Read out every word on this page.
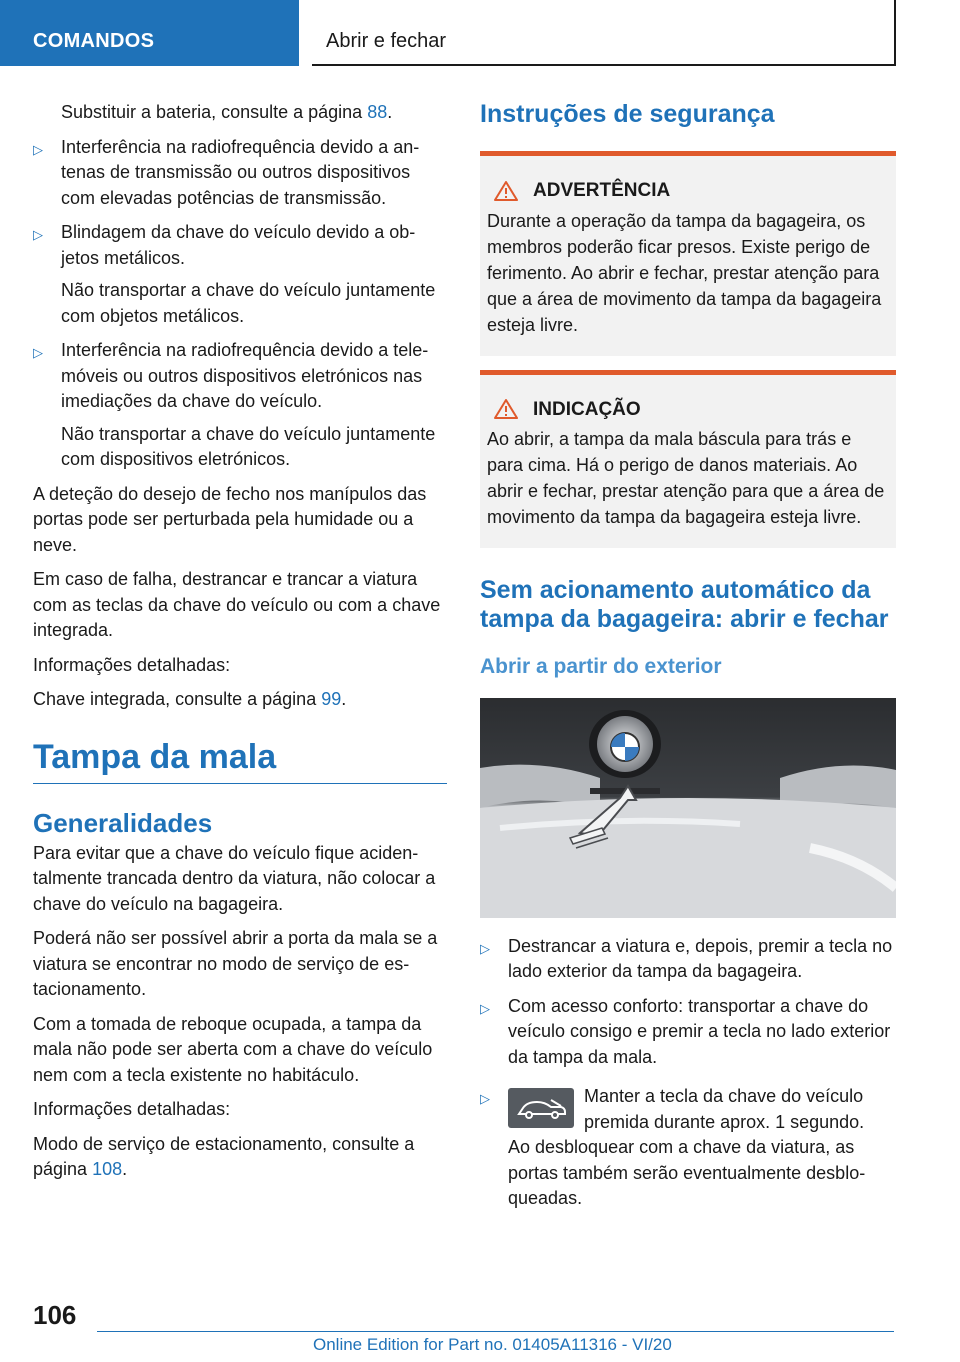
COMANDOS	Abrir e fechar

Substituir a bateria, consulte a página 88.

▷ Interferência na radiofrequência devido a antenas de transmissão ou outros dispositivos com elevadas potências de transmissão.

▷ Blindagem da chave do veículo devido a objetos metálicos.

Não transportar a chave do veículo juntamente com objetos metálicos.

▷ Interferência na radiofrequência devido a telemóveis ou outros dispositivos eletrónicos nas imediações da chave do veículo.

Não transportar a chave do veículo juntamente com dispositivos eletrónicos.

A deteção do desejo de fecho nos manípulos das portas pode ser perturbada pela humidade ou a neve.

Em caso de falha, destrancar e trancar a viatura com as teclas da chave do veículo ou com a chave integrada.

Informações detalhadas:

Chave integrada, consulte a página 99.

Tampa da mala
Generalidades

Para evitar que a chave do veículo fique acidentalmente trancada dentro da viatura, não colocar a chave do veículo na bagageira.

Poderá não ser possível abrir a porta da mala se a viatura se encontrar no modo de serviço de estacionamento.

Com a tomada de reboque ocupada, a tampa da mala não pode ser aberta com a chave do veículo nem com a tecla existente no habitáculo.

Informações detalhadas:

Modo de serviço de estacionamento, consulte a página 108.

Instruções de segurança
ADVERTÊNCIA
Durante a operação da tampa da bagageira, os membros poderão ficar presos. Existe perigo de ferimento. Ao abrir e fechar, prestar atenção para que a área de movimento da tampa da bagageira esteja livre.
INDICAÇÃO
Ao abrir, a tampa da mala báscula para trás e para cima. Há o perigo de danos materiais. Ao abrir e fechar, prestar atenção para que a área de movimento da tampa da bagageira esteja livre.
Sem acionamento automático da tampa da bagageira: abrir e fechar
Abrir a partir do exterior
▷ Destrancar a viatura e, depois, premir a tecla no lado exterior da tampa da bagageira.

▷ Com acesso conforto: transportar a chave do veículo consigo e premir a tecla no lado exterior da tampa da mala.

▷	Manter a tecla da chave do veículo premida durante aprox. 1 segundo.

Ao desbloquear com a chave da viatura, as portas também serão eventualmente desbloqueadas.

106
Online Edition for Part no. 01405A11316 - VI/20
